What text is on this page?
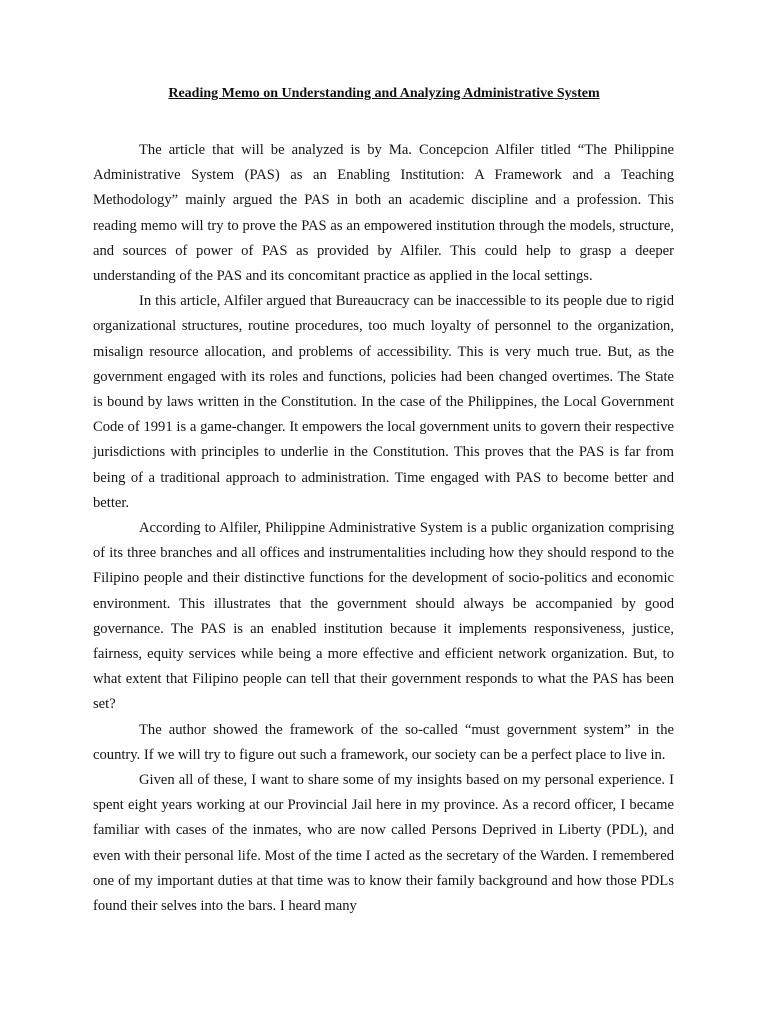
Reading Memo on Understanding and Analyzing Administrative System

The article that will be analyzed is by Ma. Concepcion Alfiler titled “The Philippine Administrative System (PAS) as an Enabling Institution: A Framework and a Teaching Methodology” mainly argued the PAS in both an academic discipline and a profession. This reading memo will try to prove the PAS as an empowered institution through the models, structure, and sources of power of PAS as provided by Alfiler. This could help to grasp a deeper understanding of the PAS and its concomitant practice as applied in the local settings.

In this article, Alfiler argued that Bureaucracy can be inaccessible to its people due to rigid organizational structures, routine procedures, too much loyalty of personnel to the organization, misalign resource allocation, and problems of accessibility. This is very much true. But, as the government engaged with its roles and functions, policies had been changed overtimes. The State is bound by laws written in the Constitution. In the case of the Philippines, the Local Government Code of 1991 is a game-changer. It empowers the local government units to govern their respective jurisdictions with principles to underlie in the Constitution. This proves that the PAS is far from being of a traditional approach to administration. Time engaged with PAS to become better and better.

According to Alfiler, Philippine Administrative System is a public organization comprising of its three branches and all offices and instrumentalities including how they should respond to the Filipino people and their distinctive functions for the development of socio-politics and economic environment. This illustrates that the government should always be accompanied by good governance. The PAS is an enabled institution because it implements responsiveness, justice, fairness, equity services while being a more effective and efficient network organization. But, to what extent that Filipino people can tell that their government responds to what the PAS has been set?

The author showed the framework of the so-called “must government system” in the country. If we will try to figure out such a framework, our society can be a perfect place to live in.

Given all of these, I want to share some of my insights based on my personal experience. I spent eight years working at our Provincial Jail here in my province. As a record officer, I became familiar with cases of the inmates, who are now called Persons Deprived in Liberty (PDL), and even with their personal life. Most of the time I acted as the secretary of the Warden. I remembered one of my important duties at that time was to know their family background and how those PDLs found their selves into the bars. I heard many
